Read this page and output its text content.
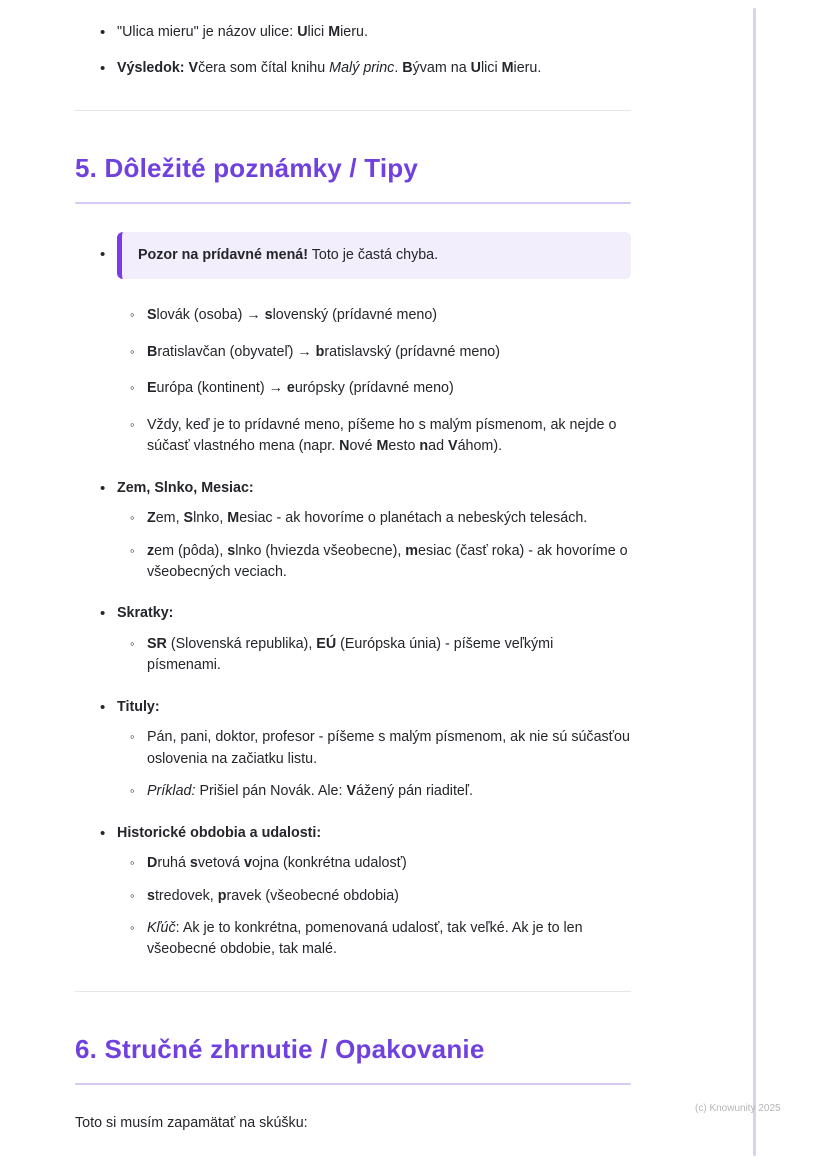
•
"Ulica mieru" je názov ulice: Ulici Mieru.
•
Výsledok: Včera som čítal knihu Malý princ. Bývam na Ulici Mieru.
5. Dôležité poznámky / Tipy
•

Pozor na prídavné mená! Toto je častá chyba.

◦
Slovák (osoba) → slovenský (prídavné meno)
◦
Bratislavčan (obyvateľ) → bratislavský (prídavné meno)
◦
Európa (kontinent) → európsky (prídavné meno)
◦
Vždy, keď je to prídavné meno, píšeme ho s malým písmenom, ak nejde o súčasť vlastného mena (napr. Nové Mesto nad Váhom).
•
Zem, Slnko, Mesiac:
◦
Zem, Slnko, Mesiac - ak hovoríme o planétach a nebeských telesách.
◦
zem (pôda), slnko (hviezda všeobecne), mesiac (časť roka) - ak hovoríme o všeobecných veciach.
•
Skratky:
◦
SR (Slovenská republika), EÚ (Európska únia) - píšeme veľkými písmenami.
•
Tituly:
◦
Pán, pani, doktor, profesor - píšeme s malým písmenom, ak nie sú súčasťou oslovenia na začiatku listu.
◦
Príklad: Prišiel pán Novák. Ale: Vážený pán riaditeľ.
•
Historické obdobia a udalosti:
◦
Druhá svetová vojna (konkrétna udalosť)
◦
stredovek, pravek (všeobecné obdobia)
◦
Kľúč: Ak je to konkrétna, pomenovaná udalosť, tak veľké. Ak je to len všeobecné obdobie, tak malé.
6. Stručné zhrnutie / Opakovanie

Toto si musím zapamätať na skúšku:

(c) Knowunity 2025
